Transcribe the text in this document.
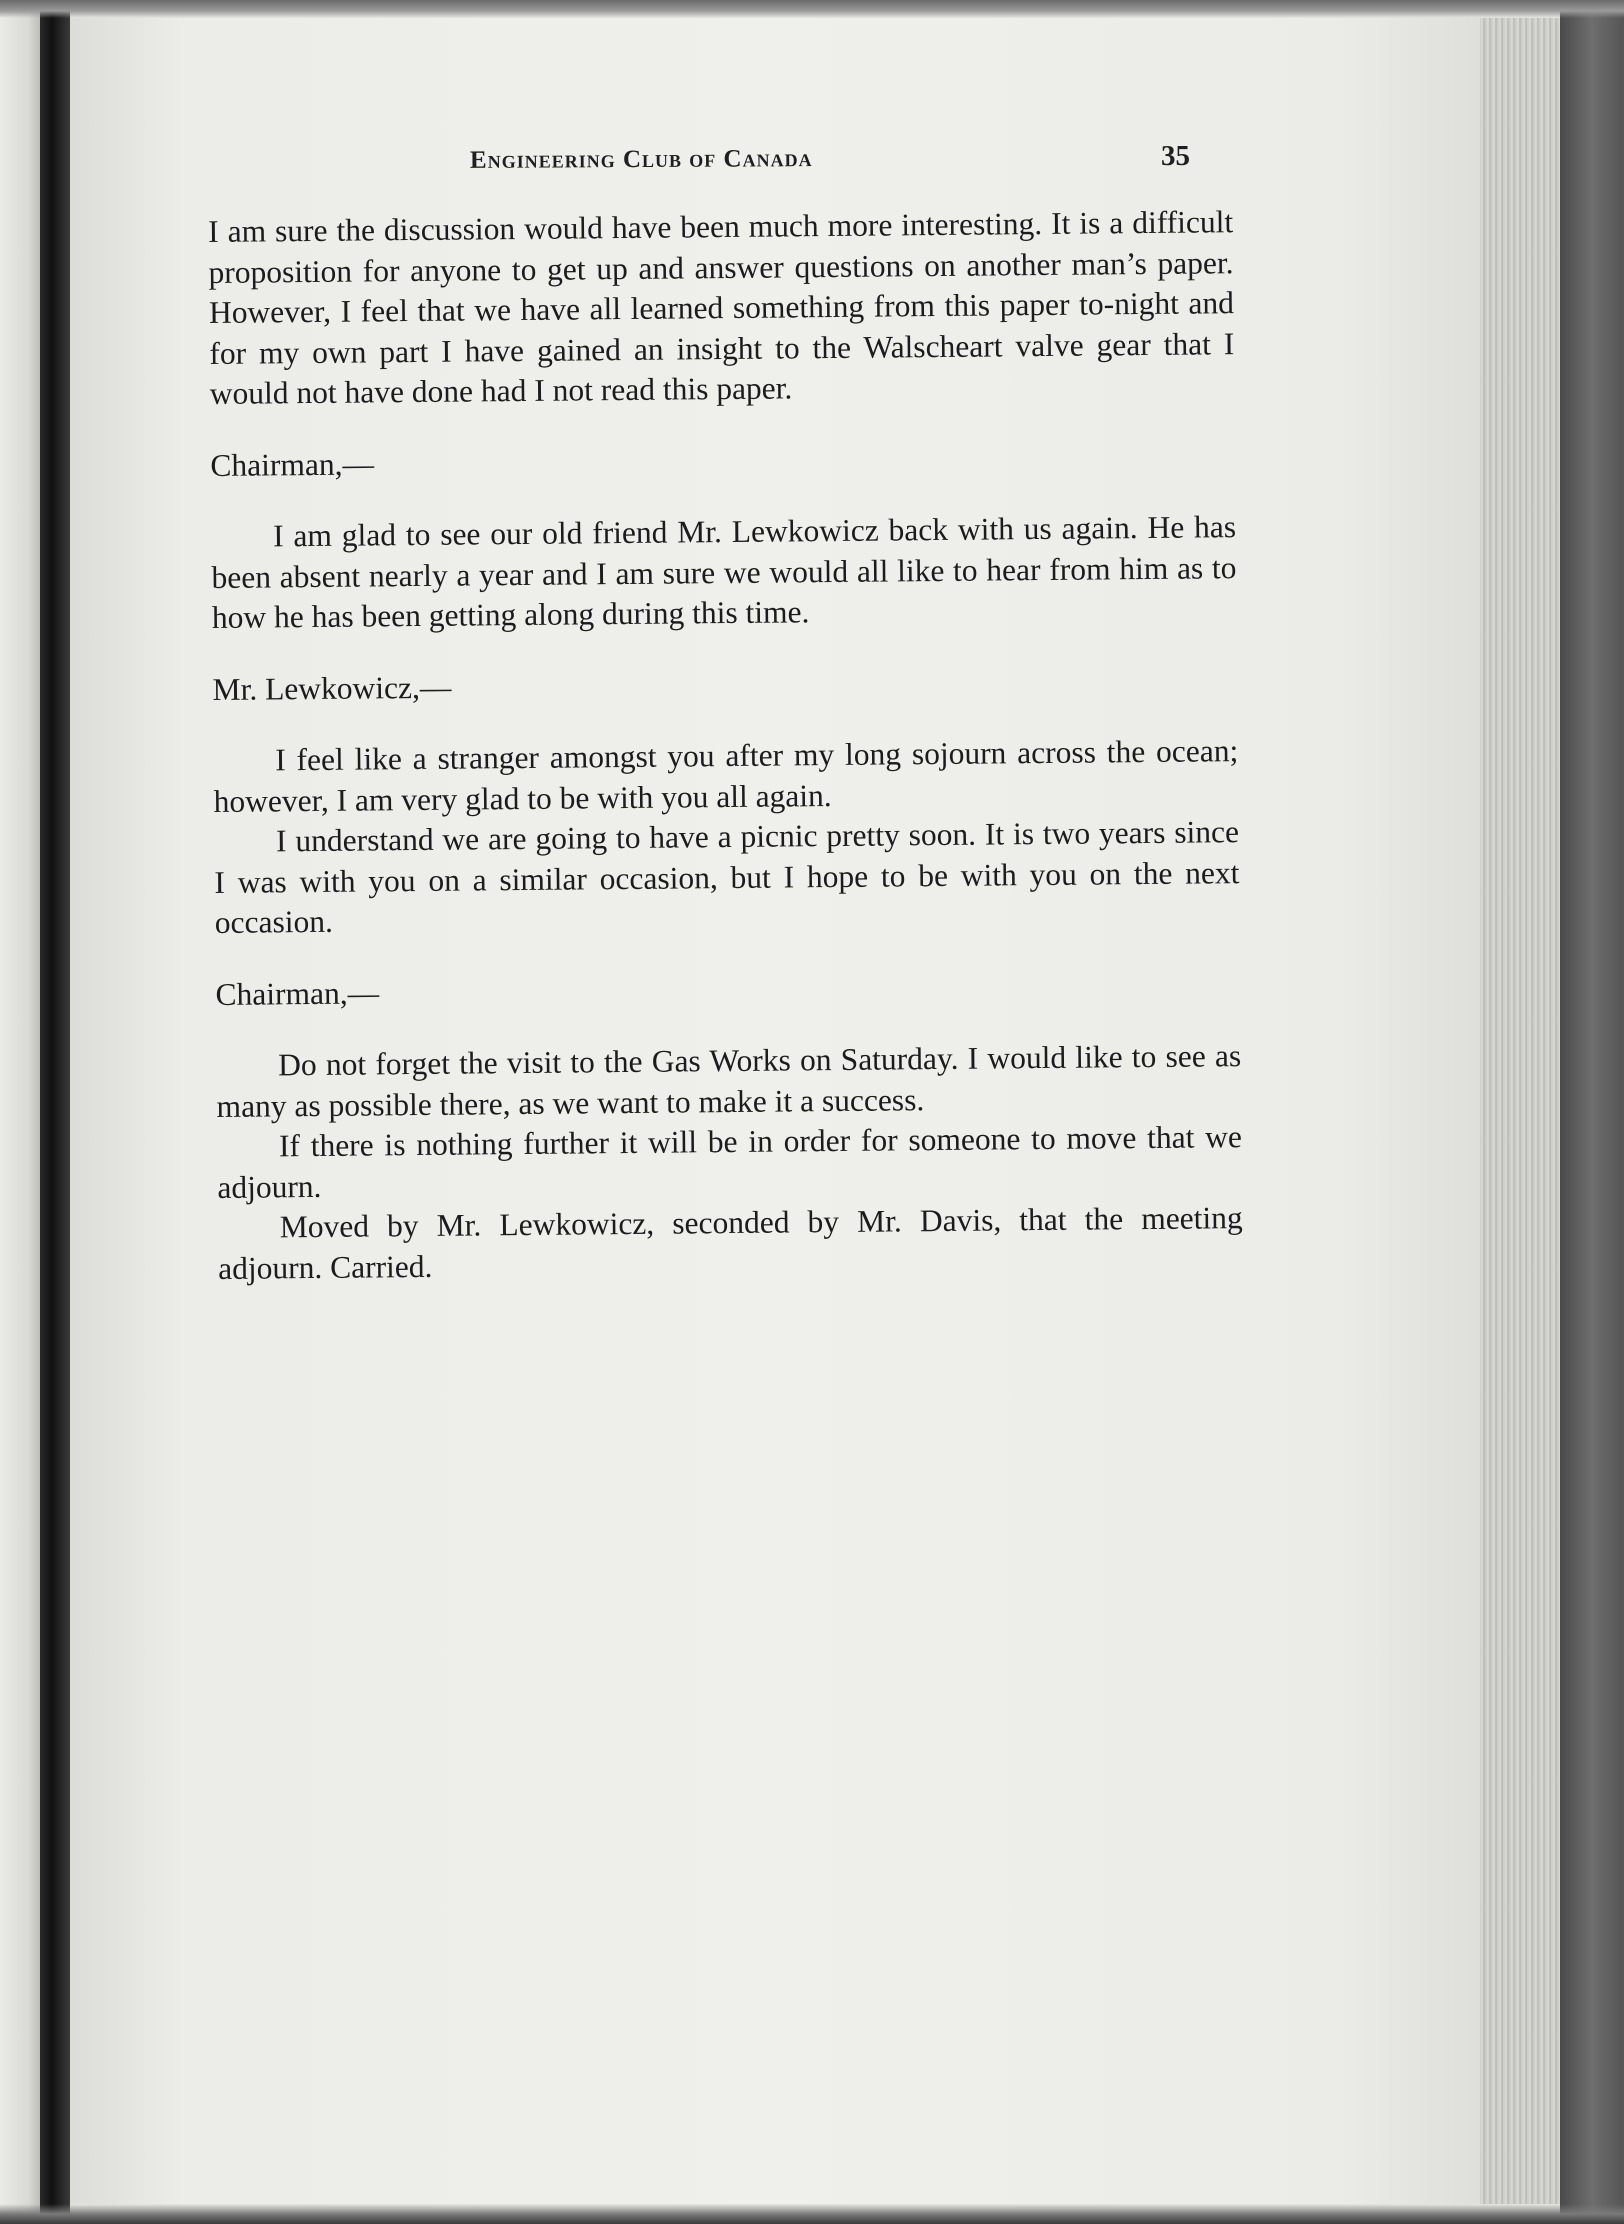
Engineering Club of Canada	35

I am sure the discussion would have been much more interesting. It is a difficult proposition for anyone to get up and answer questions on another man’s paper. However, I feel that we have all learned something from this paper to-night and for my own part I have gained an insight to the Walscheart valve gear that I would not have done had I not read this paper.

Chairman,—

I am glad to see our old friend Mr. Lewkowicz back with us again. He has been absent nearly a year and I am sure we would all like to hear from him as to how he has been getting along during this time.

Mr. Lewkowicz,—

I feel like a stranger amongst you after my long sojourn across the ocean; however, I am very glad to be with you all again.

I understand we are going to have a picnic pretty soon. It is two years since I was with you on a similar occasion, but I hope to be with you on the next occasion.

Chairman,—

Do not forget the visit to the Gas Works on Saturday. I would like to see as many as possible there, as we want to make it a success.

If there is nothing further it will be in order for someone to move that we adjourn.

Moved by Mr. Lewkowicz, seconded by Mr. Davis, that the meeting adjourn. Carried.
